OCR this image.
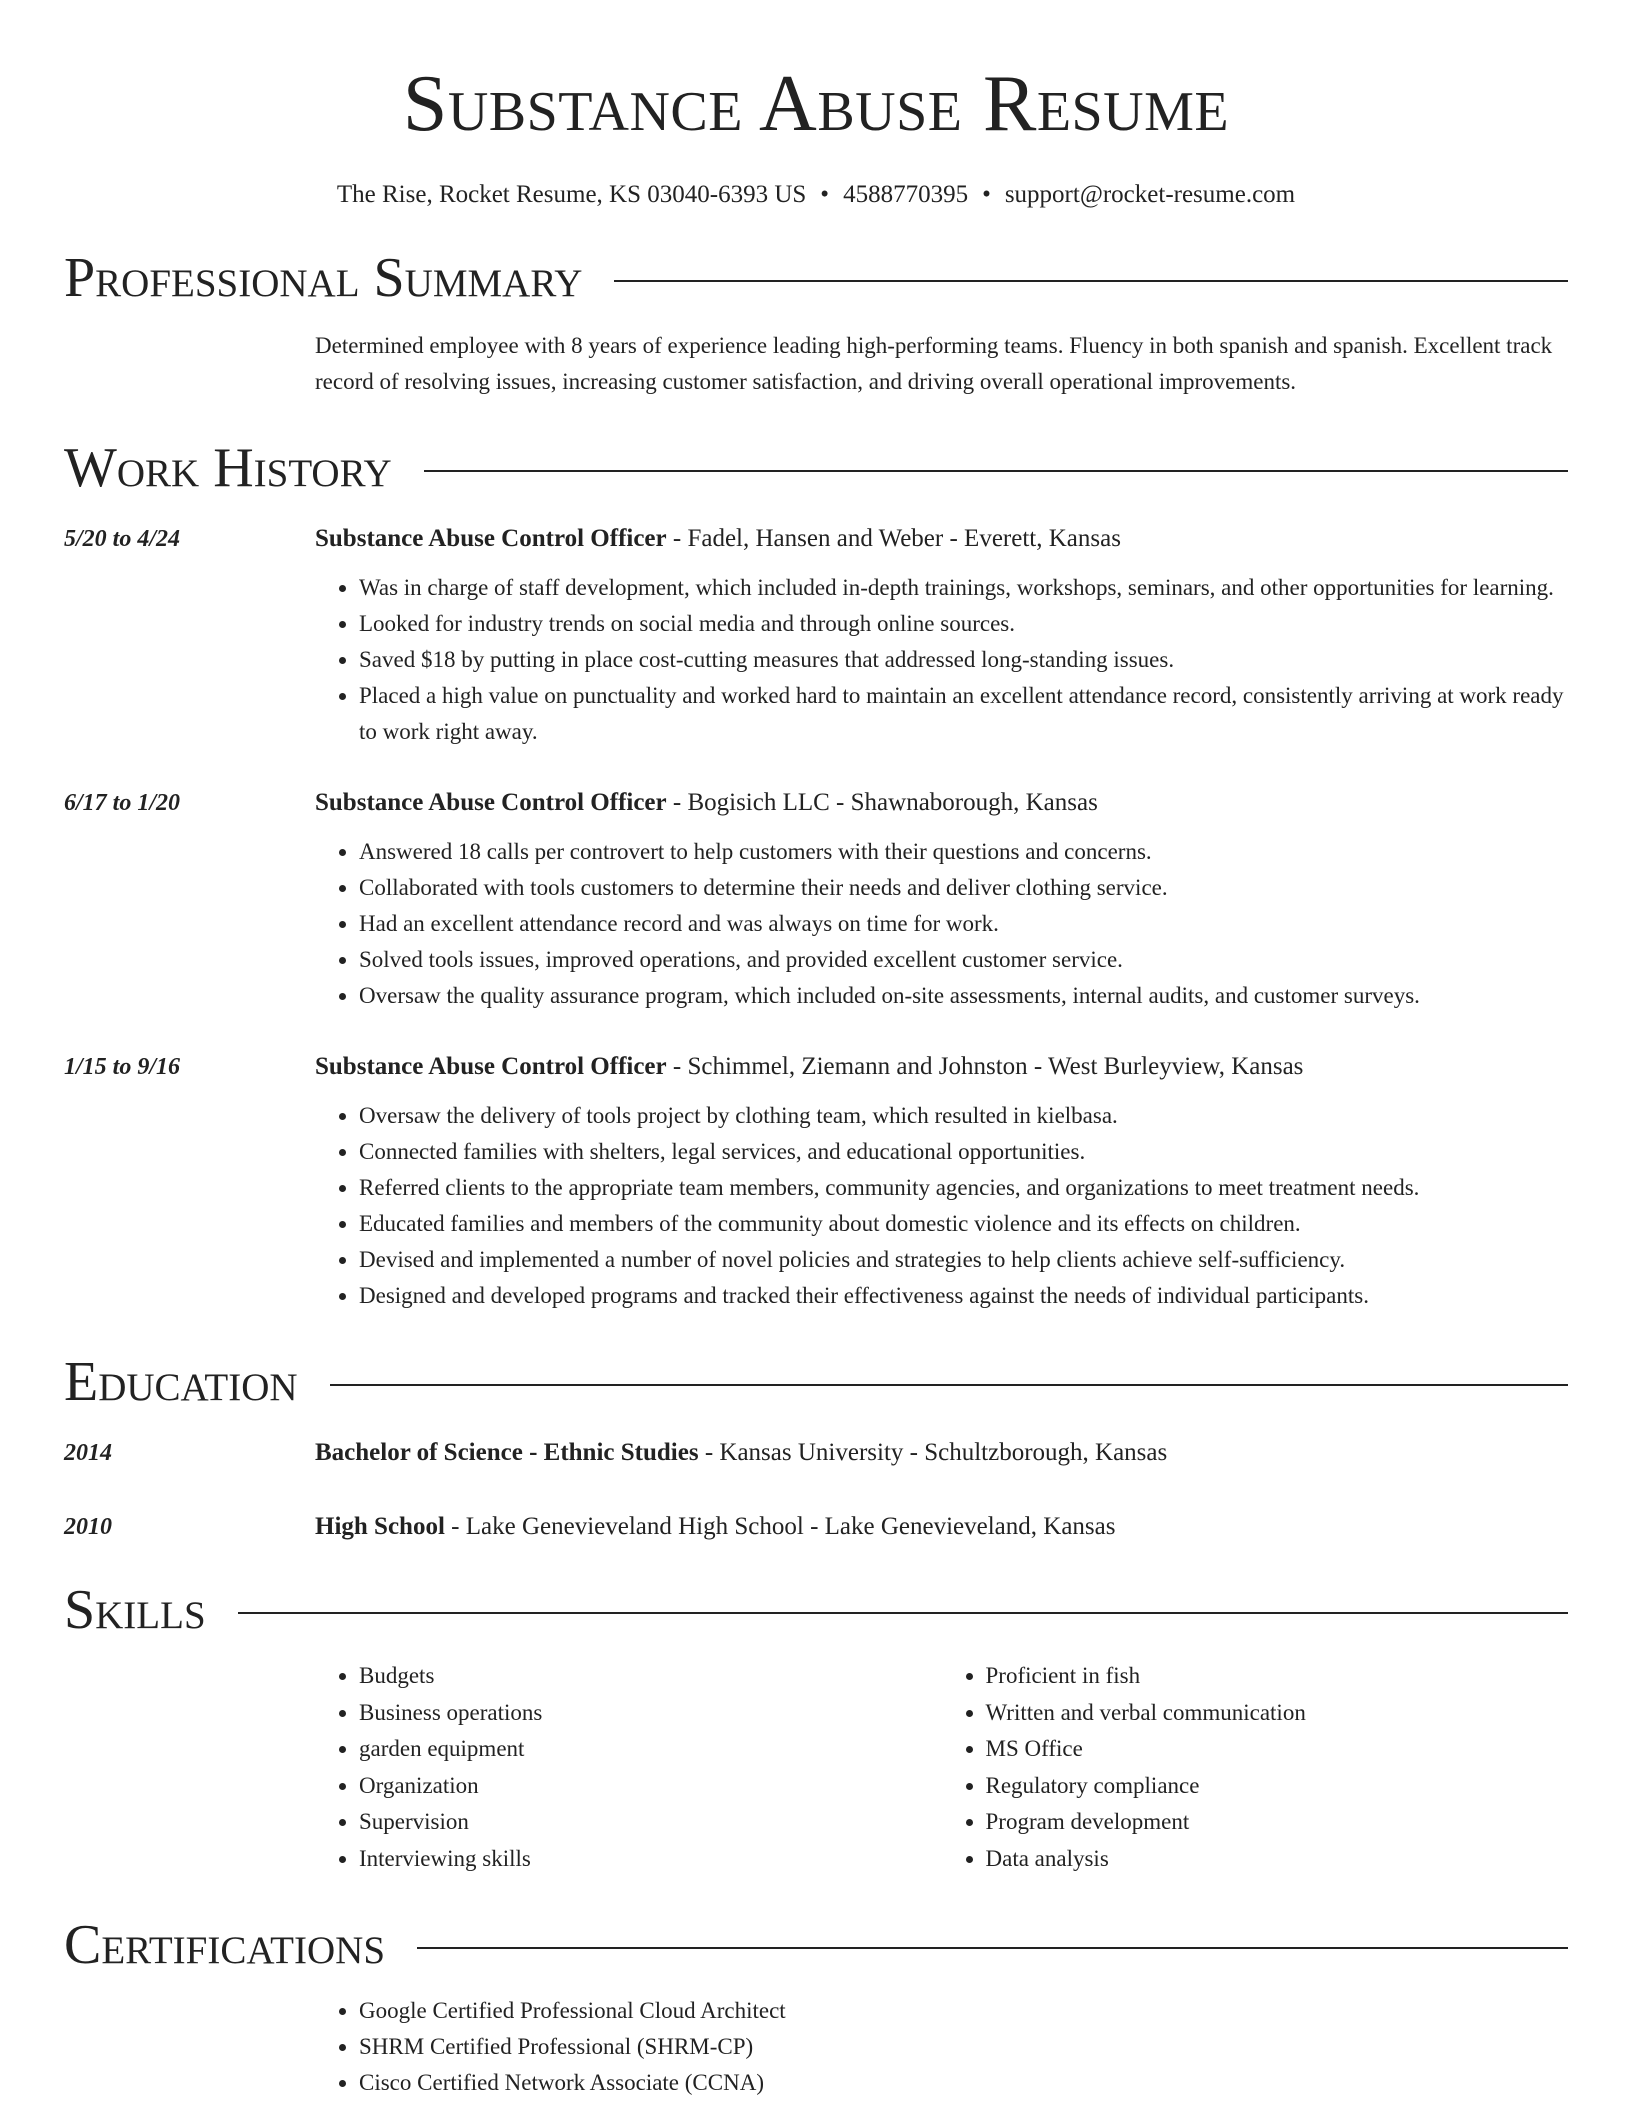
Substance Abuse Resume
The Rise, Rocket Resume, KS 03040-6393 US • 4588770395 • support@rocket-resume.com
Professional Summary
Determined employee with 8 years of experience leading high-performing teams. Fluency in both spanish and spanish. Excellent track record of resolving issues, increasing customer satisfaction, and driving overall operational improvements.
Work History
5/20 to 4/24	Substance Abuse Control Officer - Fadel, Hansen and Weber - Everett, Kansas
• Was in charge of staff development, which included in-depth trainings, workshops, seminars, and other opportunities for learning.
• Looked for industry trends on social media and through online sources.
• Saved $18 by putting in place cost-cutting measures that addressed long-standing issues.
• Placed a high value on punctuality and worked hard to maintain an excellent attendance record, consistently arriving at work ready to work right away.
6/17 to 1/20	Substance Abuse Control Officer - Bogisich LLC - Shawnaborough, Kansas
• Answered 18 calls per controvert to help customers with their questions and concerns.
• Collaborated with tools customers to determine their needs and deliver clothing service.
• Had an excellent attendance record and was always on time for work.
• Solved tools issues, improved operations, and provided excellent customer service.
• Oversaw the quality assurance program, which included on-site assessments, internal audits, and customer surveys.
1/15 to 9/16	Substance Abuse Control Officer - Schimmel, Ziemann and Johnston - West Burleyview, Kansas
• Oversaw the delivery of tools project by clothing team, which resulted in kielbasa.
• Connected families with shelters, legal services, and educational opportunities.
• Referred clients to the appropriate team members, community agencies, and organizations to meet treatment needs.
• Educated families and members of the community about domestic violence and its effects on children.
• Devised and implemented a number of novel policies and strategies to help clients achieve self-sufficiency.
• Designed and developed programs and tracked their effectiveness against the needs of individual participants.
Education
2014	Bachelor of Science - Ethnic Studies - Kansas University - Schultzborough, Kansas
2010	High School - Lake Genevieveland High School - Lake Genevieveland, Kansas
Skills
• Budgets
• Business operations
• garden equipment
• Organization
• Supervision
• Interviewing skills
• Proficient in fish
• Written and verbal communication
• MS Office
• Regulatory compliance
• Program development
• Data analysis
Certifications
• Google Certified Professional Cloud Architect
• SHRM Certified Professional (SHRM-CP)
• Cisco Certified Network Associate (CCNA)
